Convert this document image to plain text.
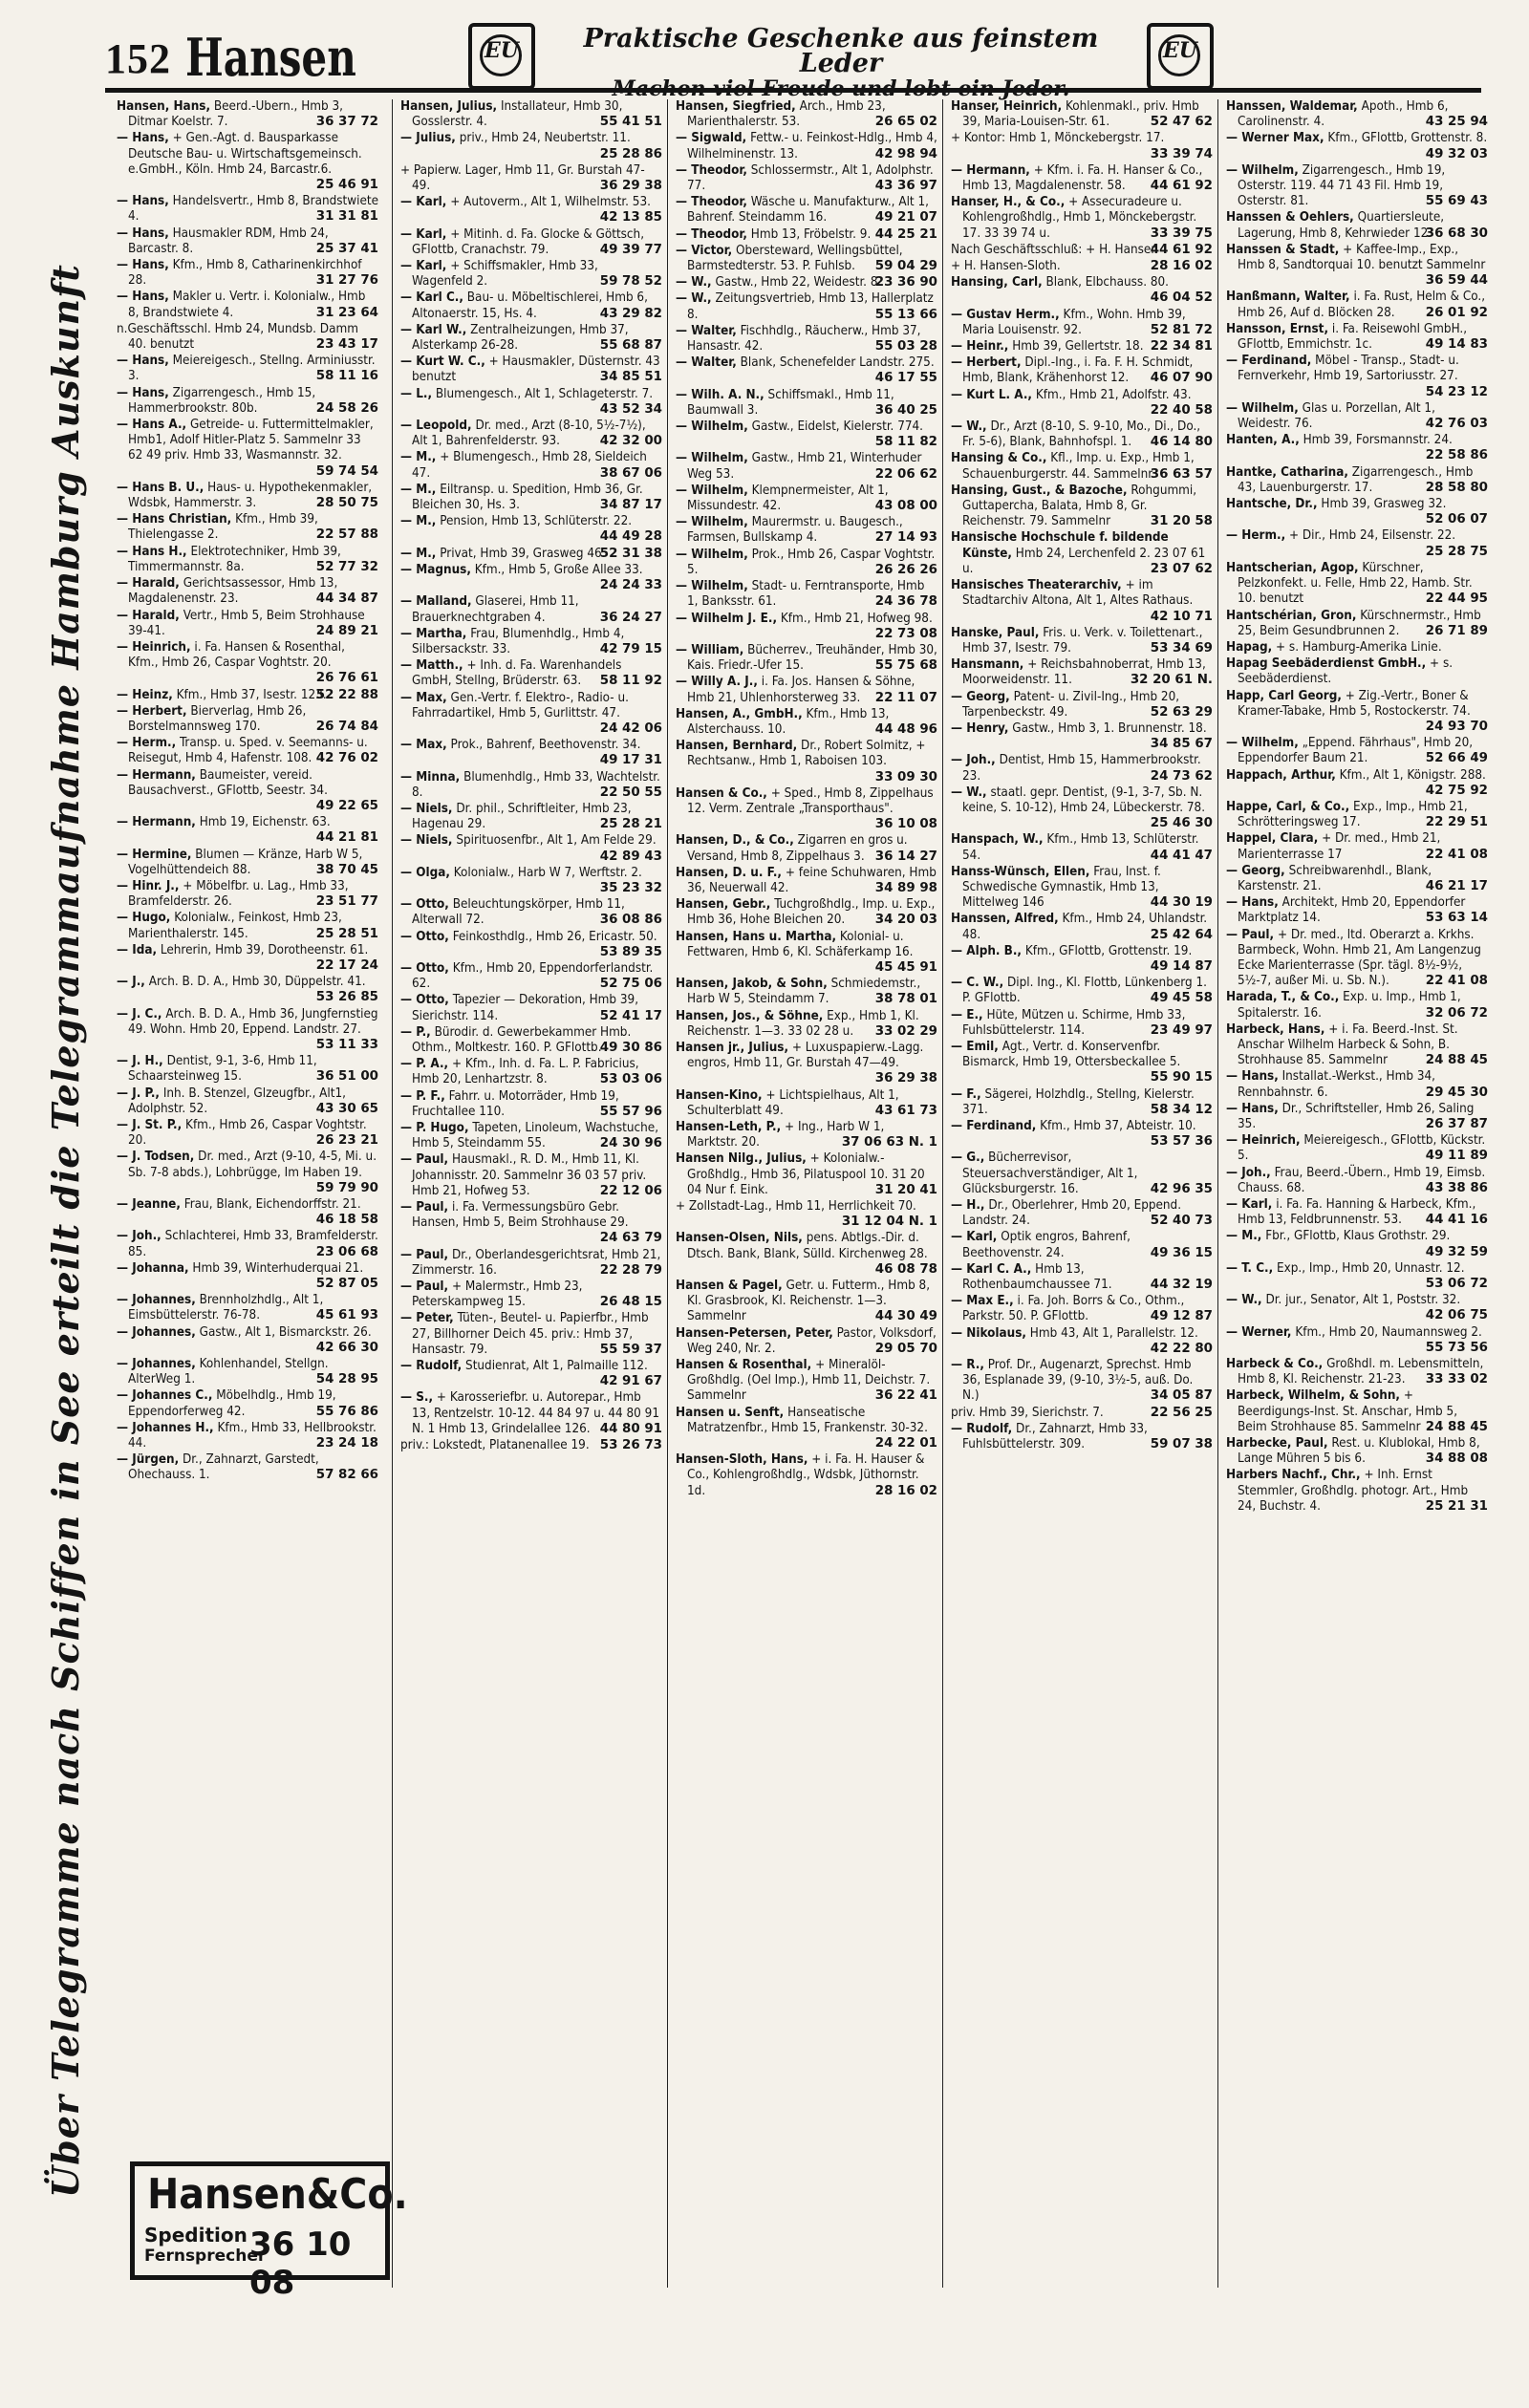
152 Hansen	EU	Praktische Geschenke aus feinstem Leder	EU
Über Telegramme nach Schiffen in See erteilt die Telegrammaufnahme Hamburg Auskunft
Hansen, Hans, Beerd.-Übern., Hmb 3, Ditmar Koelstr. 7.	36 37 72
— Hans, + Gen.-Agt. d. Bausparkasse Deutsche Bau- u. Wirtschaftsgemeinsch. e.GmbH., Köln. Hmb 24, Barcastr.6.
25 46 91
— Hans, Handelsvertr., Hmb 8, Brandstwiete 4.	31 31 81
— Hans, Hausmakler RDM, Hmb 24, Barcastr. 8.	25 37 41
— Hans, Kfm., Hmb 8, Catharinenkirchhof 28.	31 27 76
— Hans, Makler u. Vertr. i. Kolonialw., Hmb 8, Brandstwiete 4.	31 23 64
n.Geschäftsschl. Hmb 24, Mundsb. Damm 40. benutzt	23 43 17
— Hans, Meiereigesch., Stellng. Arminiusstr. 3.	58 11 16
— Hans, Zigarrengesch., Hmb 15, Hammerbrookstr. 80b.	24 58 26
— Hans A., Getreide- u. Futtermittelmakler, Hmb1, Adolf Hitler-Platz 5. Sammelnr 33 62 49 priv. Hmb 33, Wasmannstr. 32.
59 74 54
— Hans B. U., Haus- u. Hypothekenmakler, Wdsbk, Hammerstr. 3.	28 50 75
— Hans Christian, Kfm., Hmb 39, Thielengasse 2.	22 57 88
— Hans H., Elektrotechniker, Hmb 39, Timmermannstr. 8a.	52 77 32
— Harald, Gerichtsassessor, Hmb 13, Magdalenenstr. 23.	44 34 87
— Harald, Vertr., Hmb 5, Beim Strohhause 39-41.	24 89 21
— Heinrich, i. Fa. Hansen & Rosenthal, Kfm., Hmb 26, Caspar Voghtstr. 20.
26 76 61
— Heinz, Kfm., Hmb 37, Isestr. 123.
52 22 88
— Herbert, Bierverlag, Hmb 26, Borstelmannsweg 170.	26 74 84
— Herm., Transp. u. Sped. v. Seemanns- u. Reisegut, Hmb 4, Hafenstr. 108. 42 76 02
— Hermann, Baumeister, vereid. Bausachverst., GFlottb, Seestr. 34.
49 22 65
— Hermann, Hmb 19, Eichenstr. 63.
44 21 81
— Hermine, Blumen — Kränze, Harb W 5, Vogelhüttendeich 88.	38 70 45
— Hinr. J., + Möbelfbr. u. Lag., Hmb 33, Bramfelderstr. 26.	23 51 77
— Hugo, Kolonialw., Feinkost, Hmb 23, Marienthalerstr. 145.	25 28 51
— Ida, Lehrerin, Hmb 39, Dorotheenstr. 61.
22 17 24
— J., Arch. B. D. A., Hmb 30, Düppelstr. 41.
53 26 85
— J. C., Arch. B. D. A., Hmb 36, Jungfernstieg 49. Wohn. Hmb 20, Eppend. Landstr. 27.
53 11 33
— J. H., Dentist, 9-1, 3-6, Hmb 11, Schaarsteinweg 15.	36 51 00
— J. P., Inh. B. Stenzel, Glzeugfbr., Alt1, Adolphstr. 52.	43 30 65
— J. St. P., Kfm., Hmb 26, Caspar Voghtstr. 20.	26 23 21
— J. Todsen, Dr. med., Arzt (9-10, 4-5, Mi. u. Sb. 7-8 abds.), Lohbrügge, Im Haben 19.
59 79 90
— Jeanne, Frau, Blank, Eichendorffstr. 21.
46 18 58
— Joh., Schlachterei, Hmb 33, Bramfelderstr. 85.	23 06 68
— Johanna, Hmb 39, Winterhuderquai 21.
52 87 05
— Johannes, Brennholzhdlg., Alt 1, Eimsbüttelerstr. 76-78.	45 61 93
— Johannes, Gastw., Alt 1, Bismarckstr. 26.
42 66 30
— Johannes, Kohlenhandel, Stellgn. AlterWeg 1.	54 28 95
— Johannes C., Möbelhdlg., Hmb 19, Eppendorferweg 42.	55 76 86
— Johannes H., Kfm., Hmb 33, Hellbrookstr. 44.	23 24 18
— Jürgen, Dr., Zahnarzt, Garstedt, Ohechauss. 1.	57 82 66
Hansen, Julius, Installateur, Hmb 30, Gosslerstr. 4.	55 41 51
— Julius, priv., Hmb 24, Neubertstr. 11.
25 28 86
+ Papierw. Lager, Hmb 11, Gr. Burstah 47-49.	36 29 38
— Karl, + Autoverm., Alt 1, Wilhelmstr. 53.
42 13 85
— Karl, + Mitinh. d. Fa. Glocke & Göttsch, GFlottb, Cranachstr. 79.	49 39 77
— Karl, + Schiffsmakler, Hmb 33, Wagenfeld 2.	59 78 52
— Karl C., Bau- u. Möbeltischlerei, Hmb 6, Altonaerstr. 15, Hs. 4.	43 29 82
— Karl W., Zentralheizungen, Hmb 37, Alsterkamp 26-28.	55 68 87
— Kurt W. C., + Hausmakler, Düsternstr. 43 benutzt	34 85 51
— L., Blumengesch., Alt 1, Schlageterstr. 7.
43 52 34
— Leopold, Dr. med., Arzt (8-10, 5½-7½), Alt 1, Bahrenfelderstr. 93.	42 32 00
— M., + Blumengesch., Hmb 28, Sieldeich 47.	38 67 06
— M., Eiltransp. u. Spedition, Hmb 36, Gr. Bleichen 30, Hs. 3.	34 87 17
— M., Pension, Hmb 13, Schlüterstr. 22.
44 49 28
— M., Privat, Hmb 39, Grasweg 46.
52 31 38
— Magnus, Kfm., Hmb 5, Große Allee 33.
24 24 33
— Malland, Glaserei, Hmb 11, Brauerknechtgraben 4.	36 24 27
— Martha, Frau, Blumenhdlg., Hmb 4, Silbersackstr. 33.	42 79 15
— Matth., + Inh. d. Fa. Warenhandels GmbH, Stellng, Brüderstr. 63. 58 11 92
— Max, Gen.-Vertr. f. Elektro-, Radio- u. Fahrradartikel, Hmb 5, Gurlittstr. 47.
24 42 06
— Max, Prok., Bahrenf, Beethovenstr. 34.
49 17 31
— Minna, Blumenhdlg., Hmb 33, Wachtelstr. 8.	22 50 55
— Niels, Dr. phil., Schriftleiter, Hmb 23, Hagenau 29.	25 28 21
— Niels, Spirituosenfbr., Alt 1, Am Felde 29.
42 89 43
— Olga, Kolonialw., Harb W 7, Werftstr. 2.
35 23 32
— Otto, Beleuchtungskörper, Hmb 11, Alterwall 72.	36 08 86
— Otto, Feinkosthdlg., Hmb 26, Ericastr. 50.
53 89 35
— Otto, Kfm., Hmb 20, Eppendorferlandstr. 62.	52 75 06
— Otto, Tapezier — Dekoration, Hmb 39, Sierichstr. 114.	52 41 17
— P., Bürodir. d. Gewerbekammer Hmb. Othm., Moltkestr. 160. P. GFlottb.
49 30 86
— P. A., + Kfm., Inh. d. Fa. L. P. Fabricius, Hmb 20, Lenhartzstr. 8.	53 03 06
— P. F., Fahrr. u. Motorräder, Hmb 19, Fruchtallee 110.	55 57 96
— P. Hugo, Tapeten, Linoleum, Wachstuche, Hmb 5, Steindamm 55.	24 30 96
— Paul, Hausmakl., R. D. M., Hmb 11, Kl. Johannisstr. 20. Sammelnr 36 03 57 priv. Hmb 21, Hofweg 53.	22 12 06
— Paul, i. Fa. Vermessungsbüro Gebr. Hansen, Hmb 5, Beim Strohhause 29.
24 63 79
— Paul, Dr., Oberlandesgerichtsrat, Hmb 21, Zimmerstr. 16.	22 28 79
— Paul, + Malermstr., Hmb 23, Peterskampweg 15.	26 48 15
— Peter, Tüten-, Beutel- u. Papierfbr., Hmb 27, Billhorner Deich 45. priv.: Hmb 37, Hansastr. 79.	55 59 37
— Rudolf, Studienrat, Alt 1, Palmaille 112.
42 91 67
— S., + Karosseriefbr. u. Autorepar., Hmb 13, Rentzelstr. 10-12. 44 84 97 u. 44 80 91 N. 1 Hmb 13, Grindelallee 126. 44 80 91
priv.: Lokstedt, Platanenallee 19. 53 26 73
Hansen, Siegfried, Arch., Hmb 23, Marienthalerstr. 53.	26 65 02
— Sigwald, Fettw.- u. Feinkost-Hdlg., Hmb 4, Wilhelminenstr. 13.	42 98 94
— Theodor, Schlossermstr., Alt 1, Adolphstr. 77.	43 36 97
— Theodor, Wäsche u. Manufakturw., Alt 1, Bahrenf. Steindamm 16.	49 21 07
— Theodor, Hmb 13, Fröbelstr. 9. 44 25 21
— Victor, Obersteward, Wellingsbüttel, Barmstedterstr. 53. P. Fuhlsb. 59 04 29
— W., Gastw., Hmb 22, Weidestr. 8.
23 36 90
— W., Zeitungsvertrieb, Hmb 13, Hallerplatz 8.	55 13 66
— Walter, Fischhdlg., Räucherw., Hmb 37, Hansastr. 42.	55 03 28
— Walter, Blank, Schenefelder Landstr. 275.
46 17 55
— Wilh. A. N., Schiffsmakl., Hmb 11, Baumwall 3.	36 40 25
— Wilhelm, Gastw., Eidelst, Kielerstr. 774.
58 11 82
— Wilhelm, Gastw., Hmb 21, Winterhuder Weg 53.	22 06 62
— Wilhelm, Klempnermeister, Alt 1, Missundestr. 42.	43 08 00
— Wilhelm, Maurermstr. u. Baugesch., Farmsen, Bullskamp 4.	27 14 93
— Wilhelm, Prok., Hmb 26, Caspar Voghtstr. 5.	26 26 26
— Wilhelm, Stadt- u. Ferntransporte, Hmb 1, Banksstr. 61.	24 36 78
— Wilhelm J. E., Kfm., Hmb 21, Hofweg 98.
22 73 08
— William, Bücherrev., Treuhänder, Hmb 30, Kais. Friedr.-Ufer 15.	55 75 68
— Willy A. J., i. Fa. Jos. Hansen & Söhne, Hmb 21, Uhlenhorsterweg 33. 22 11 07
Hansen, A., GmbH., Kfm., Hmb 13, Alsterchauss. 10.	44 48 96
Hansen, Bernhard, Dr., Robert Solmitz, + Rechtsanw., Hmb 1, Raboisen 103.
33 09 30
Hansen & Co., + Sped., Hmb 8, Zippelhaus 12. Verm. Zentrale „Transporthaus".
36 10 08
Hansen, D., & Co., Zigarren en gros u. Versand, Hmb 8, Zippelhaus 3. 36 14 27
Hansen, D. u. F., + feine Schuhwaren, Hmb 36, Neuerwall 42.	34 89 98
Hansen, Gebr., Tuchgroßhdlg., Imp. u. Exp., Hmb 36, Hohe Bleichen 20. 34 20 03
Hansen, Hans u. Martha, Kolonial- u. Fettwaren, Hmb 6, Kl. Schäferkamp 16.
45 45 91
Hansen, Jakob, & Sohn, Schmiedemstr., Harb W 5, Steindamm 7.	38 78 01
Hansen, Jos., & Söhne, Exp., Hmb 1, Kl. Reichenstr. 1—3. 33 02 28 u. 33 02 29
Hansen jr., Julius, + Luxuspapierw.-Lagg. engros, Hmb 11, Gr. Burstah 47—49.
36 29 38
Hansen-Kino, + Lichtspielhaus, Alt 1, Schulterblatt 49.	43 61 73
Hansen-Leth, P., + Ing., Harb W 1, Marktstr. 20.	37 06 63 N. 1
Hansen Nilg., Julius, + Kolonialw.-Großhdlg., Hmb 36, Pilatuspool 10. 31 20 04 Nur f. Eink.	31 20 41
+ Zollstadt-Lag., Hmb 11, Herrlichkeit 70.
31 12 04 N. 1
Hansen-Olsen, Nils, pens. Abtlgs.-Dir. d. Dtsch. Bank, Blank, Sülld. Kirchenweg 28.
46 08 78
Hansen & Pagel, Getr. u. Futterm., Hmb 8, Kl. Grasbrook, Kl. Reichenstr. 1—3. Sammelnr	44 30 49
Hansen-Petersen, Peter, Pastor, Volksdorf, Weg 240, Nr. 2.	29 05 70
Hansen & Rosenthal, + Mineralöl-Großhdlg. (Oel Imp.), Hmb 11, Deichstr. 7. Sammelnr	36 22 41
Hansen u. Senft, Hanseatische Matratzenfbr., Hmb 15, Frankenstr. 30-32.
24 22 01
Hansen-Sloth, Hans, + i. Fa. H. Hauser & Co., Kohlengroßhdlg., Wdsbk, Jüthornstr. 1d.	28 16 02
Hanser, Heinrich, Kohlenmakl., priv. Hmb 39, Maria-Louisen-Str. 61.	52 47 62
+ Kontor: Hmb 1, Mönckebergstr. 17.
33 39 74
— Hermann, + Kfm. i. Fa. H. Hanser & Co., Hmb 13, Magdalenenstr. 58. 44 61 92
Hanser, H., & Co., + Assecuradeure u. Kohlengroßhdlg., Hmb 1, Mönckebergstr. 17. 33 39 74 u.	33 39 75
Nach Geschäftsschluß: + H. Hanser
44 61 92
+ H. Hansen-Sloth.	28 16 02
Hansing, Carl, Blank, Elbchauss. 80.
46 04 52
— Gustav Herm., Kfm., Wohn. Hmb 39, Maria Louisenstr. 92.	52 81 72
— Heinr., Hmb 39, Gellertstr. 18. 22 34 81
— Herbert, Dipl.-Ing., i. Fa. F. H. Schmidt, Hmb, Blank, Krähenhorst 12. 46 07 90
— Kurt L. A., Kfm., Hmb 21, Adolfstr. 43.
22 40 58
— W., Dr., Arzt (8-10, S. 9-10, Mo., Di., Do., Fr. 5-6), Blank, Bahnhofspl. 1. 46 14 80
Hansing & Co., Kfl., Imp. u. Exp., Hmb 1, Schauenburgerstr. 44. Sammelnr
36 63 57
Hansing, Gust., & Bazoche, Rohgummi, Guttapercha, Balata, Hmb 8, Gr. Reichenstr. 79. Sammelnr	31 20 58
Hansische Hochschule f. bildende Künste, Hmb 24, Lerchenfeld 2. 23 07 61 u.	23 07 62
Hansisches Theaterarchiv, + im Stadtarchiv Altona, Alt 1, Altes Rathaus.
42 10 71
Hanske, Paul, Fris. u. Verk. v. Toilettenart., Hmb 37, Isestr. 79.	53 34 69
Hansmann, + Reichsbahnoberrat, Hmb 13, Moorweidenstr. 11.	32 20 61 N.
— Georg, Patent- u. Zivil-Ing., Hmb 20, Tarpenbeckstr. 49.	52 63 29
— Henry, Gastw., Hmb 3, 1. Brunnenstr. 18.
34 85 67
— Joh., Dentist, Hmb 15, Hammerbrookstr. 23.	24 73 62
— W., staatl. gepr. Dentist, (9-1, 3-7, Sb. N. keine, S. 10-12), Hmb 24, Lübeckerstr. 78.
25 46 30
Hanspach, W., Kfm., Hmb 13, Schlüterstr. 54.	44 41 47
Hanss-Wünsch, Ellen, Frau, Inst. f. Schwedische Gymnastik, Hmb 13, Mittelweg 146	44 30 19
Hanssen, Alfred, Kfm., Hmb 24, Uhlandstr. 48.	25 42 64
— Alph. B., Kfm., GFlottb, Grottenstr. 19.
49 14 87
— C. W., Dipl. Ing., Kl. Flottb, Lünkenberg 1. P. GFlottb.	49 45 58
— E., Hüte, Mützen u. Schirme, Hmb 33, Fuhlsbüttelerstr. 114.	23 49 97
— Emil, Agt., Vertr. d. Konservenfbr. Bismarck, Hmb 19, Ottersbeckallee 5.
55 90 15
— F., Sägerei, Holzhdlg., Stellng, Kielerstr. 371.	58 34 12
— Ferdinand, Kfm., Hmb 37, Abteistr. 10.
53 57 36
— G., Bücherrevisor, Steuersachverständiger, Alt 1, Glücksburgerstr. 16.	42 96 35
— H., Dr., Oberlehrer, Hmb 20, Eppend. Landstr. 24.	52 40 73
— Karl, Optik engros, Bahrenf, Beethovenstr. 24.	49 36 15
— Karl C. A., Hmb 13, Rothenbaumchaussee 71.	44 32 19
— Max E., i. Fa. Joh. Borrs & Co., Othm., Parkstr. 50. P. GFlottb.	49 12 87
— Nikolaus, Hmb 43, Alt 1, Parallelstr. 12.
42 22 80
— R., Prof. Dr., Augenarzt, Sprechst. Hmb 36, Esplanade 39, (9-10, 3½-5, auß. Do. N.)	34 05 87
priv. Hmb 39, Sierichstr. 7.	22 56 25
— Rudolf, Dr., Zahnarzt, Hmb 33, Fuhlsbüttelerstr. 309.	59 07 38
Hanssen, Waldemar, Apoth., Hmb 6, Carolinenstr. 4.	43 25 94
— Werner Max, Kfm., GFlottb, Grottenstr. 8.
49 32 03
— Wilhelm, Zigarrengesch., Hmb 19, Osterstr. 119. 44 71 43 Fil. Hmb 19, Osterstr. 81.	55 69 43
Hanssen & Oehlers, Quartiersleute, Lagerung, Hmb 8, Kehrwieder 12.
36 68 30
Hanssen & Stadt, + Kaffee-Imp., Exp., Hmb 8, Sandtorquai 10. benutzt Sammelnr
36 59 44
Hanßmann, Walter, i. Fa. Rust, Helm & Co., Hmb 26, Auf d. Blöcken 28. 26 01 92
Hansson, Ernst, i. Fa. Reisewohl GmbH., GFlottb, Emmichstr. 1c.	49 14 83
— Ferdinand, Möbel - Transp., Stadt- u. Fernverkehr, Hmb 19, Sartoriusstr. 27.
54 23 12
— Wilhelm, Glas u. Porzellan, Alt 1, Weidestr. 76.	42 76 03
Hanten, A., Hmb 39, Forsmannstr. 24.
22 58 86
Hantke, Catharina, Zigarrengesch., Hmb 43, Lauenburgerstr. 17.	28 58 80
Hantsche, Dr., Hmb 39, Grasweg 32.
52 06 07
— Herm., + Dir., Hmb 24, Eilsenstr. 22.
25 28 75
Hantscherian, Agop, Kürschner, Pelzkonfekt. u. Felle, Hmb 22, Hamb. Str. 10. benutzt	22 44 95
Hantschérian, Gron, Kürschnermstr., Hmb 25, Beim Gesundbrunnen 2. 26 71 89
Hapag, + s. Hamburg-Amerika Linie.
Hapag Seebäderdienst GmbH., + s. Seebäderdienst.
Happ, Carl Georg, + Zig.-Vertr., Boner & Kramer-Tabake, Hmb 5, Rostockerstr. 74.
24 93 70
— Wilhelm, „Eppend. Fährhaus", Hmb 20, Eppendorfer Baum 21.	52 66 49
Happach, Arthur, Kfm., Alt 1, Königstr. 288.
42 75 92
Happe, Carl, & Co., Exp., Imp., Hmb 21, Schrötteringsweg 17.	22 29 51
Happel, Clara, + Dr. med., Hmb 21, Marienterrasse 17	22 41 08
— Georg, Schreibwarenhdl., Blank, Karstenstr. 21.	46 21 17
— Hans, Architekt, Hmb 20, Eppendorfer Marktplatz 14.	53 63 14
— Paul, + Dr. med., ltd. Oberarzt a. Krkhs. Barmbeck, Wohn. Hmb 21, Am Langenzug Ecke Marienterrasse (Spr. tägl. 8½-9½, 5½-7, außer Mi. u. Sb. N.).	22 41 08
Harada, T., & Co., Exp. u. Imp., Hmb 1, Spitalerstr. 16.	32 06 72
Harbeck, Hans, + i. Fa. Beerd.-Inst. St. Anschar Wilhelm Harbeck & Sohn, B. Strohhause 85. Sammelnr	24 88 45
— Hans, Installat.-Werkst., Hmb 34, Rennbahnstr. 6.	29 45 30
— Hans, Dr., Schriftsteller, Hmb 26, Saling 35.	26 37 87
— Heinrich, Meiereigesch., GFlottb, Kückstr. 5.	49 11 89
— Joh., Frau, Beerd.-Übern., Hmb 19, Eimsb. Chauss. 68.	43 38 86
— Karl, i. Fa. Fa. Hanning & Harbeck, Kfm., Hmb 13, Feldbrunnenstr. 53. 44 41 16
— M., Fbr., GFlottb, Klaus Grothstr. 29.
49 32 59
— T. C., Exp., Imp., Hmb 20, Unnastr. 12.
53 06 72
— W., Dr. jur., Senator, Alt 1, Poststr. 32.
42 06 75
— Werner, Kfm., Hmb 20, Naumannsweg 2.
55 73 56
Harbeck & Co., Großhdl. m. Lebensmitteln, Hmb 8, Kl. Reichenstr. 21-23. 33 33 02
Harbeck, Wilhelm, & Sohn, + Beerdigungs-Inst. St. Anschar, Hmb 5, Beim Strohhause 85. Sammelnr 24 88 45
Harbecke, Paul, Rest. u. Klublokal, Hmb 8, Lange Mühren 5 bis 6.	34 88 08
Harbers Nachf., Chr., + Inh. Ernst Stemmler, Großhdlg. photogr. Art., Hmb 24, Buchstr. 4.	25 21 31
Hansen&Co.
Spedition
Fernsprecher
36 10 08
